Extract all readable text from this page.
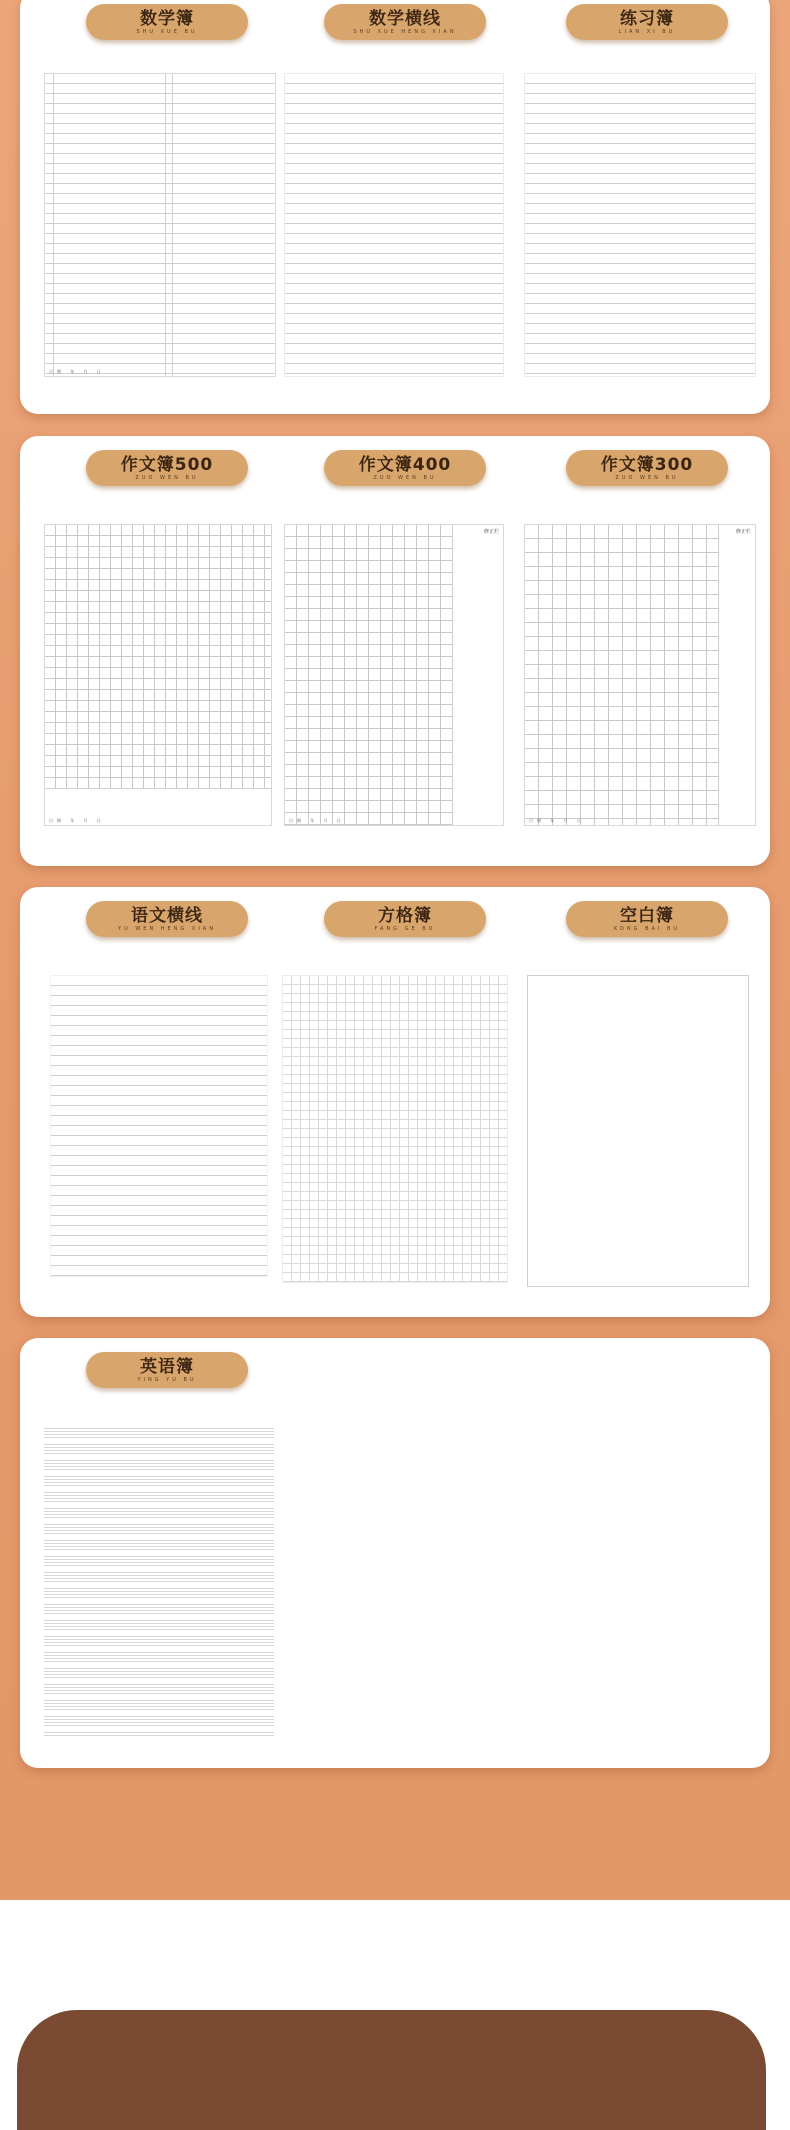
数学簿
SHU XUE BU
日期 年 月 日
数学横线
SHU XUE HENG XIAN
练习簿
LIAN XI BU
作文簿500
ZUO WEN BU
日期 年 月 日
作文簿400
ZUO WEN BU
修正栏
日期 年 月 日
作文簿300
ZUO WEN BU
修正栏
日期 年 月 日
语文横线
YU WEN HENG XIAN
方格簿
FANG GE BU
空白簿
KONG BAI BU
英语簿
YING YU BU
